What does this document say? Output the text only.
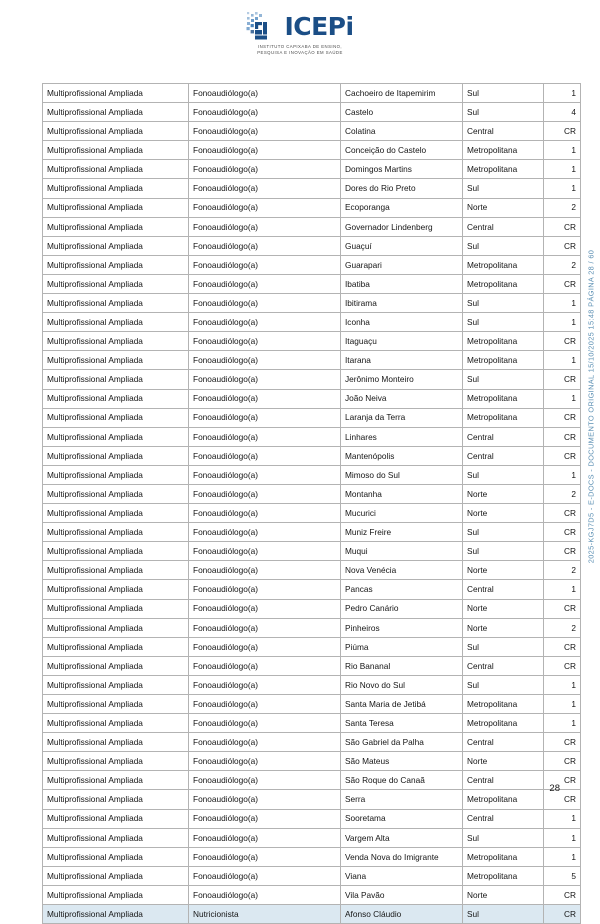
ICEPi
INSTITUTO CAPIXABA DE ENSINO,
PESQUISA E INOVAÇÃO EM SAÚDE
Multiprofissional Ampliada	Fonoaudiólogo(a)	Cachoeiro de Itapemirim	Sul	1
Multiprofissional Ampliada	Fonoaudiólogo(a)	Castelo	Sul	4
Multiprofissional Ampliada	Fonoaudiólogo(a)	Colatina	Central	CR
Multiprofissional Ampliada	Fonoaudiólogo(a)	Conceição do Castelo	Metropolitana	1
Multiprofissional Ampliada	Fonoaudiólogo(a)	Domingos Martins	Metropolitana	1
Multiprofissional Ampliada	Fonoaudiólogo(a)	Dores do Rio Preto	Sul	1
Multiprofissional Ampliada	Fonoaudiólogo(a)	Ecoporanga	Norte	2
Multiprofissional Ampliada	Fonoaudiólogo(a)	Governador Lindenberg	Central	CR
Multiprofissional Ampliada	Fonoaudiólogo(a)	Guaçuí	Sul	CR
Multiprofissional Ampliada	Fonoaudiólogo(a)	Guarapari	Metropolitana	2
Multiprofissional Ampliada	Fonoaudiólogo(a)	Ibatiba	Metropolitana	CR
Multiprofissional Ampliada	Fonoaudiólogo(a)	Ibitirama	Sul	1
Multiprofissional Ampliada	Fonoaudiólogo(a)	Iconha	Sul	1
Multiprofissional Ampliada	Fonoaudiólogo(a)	Itaguaçu	Metropolitana	CR
Multiprofissional Ampliada	Fonoaudiólogo(a)	Itarana	Metropolitana	1
Multiprofissional Ampliada	Fonoaudiólogo(a)	Jerônimo Monteiro	Sul	CR
Multiprofissional Ampliada	Fonoaudiólogo(a)	João Neiva	Metropolitana	1
Multiprofissional Ampliada	Fonoaudiólogo(a)	Laranja da Terra	Metropolitana	CR
Multiprofissional Ampliada	Fonoaudiólogo(a)	Linhares	Central	CR
Multiprofissional Ampliada	Fonoaudiólogo(a)	Mantenópolis	Central	CR
Multiprofissional Ampliada	Fonoaudiólogo(a)	Mimoso do Sul	Sul	1
Multiprofissional Ampliada	Fonoaudiólogo(a)	Montanha	Norte	2
Multiprofissional Ampliada	Fonoaudiólogo(a)	Mucurici	Norte	CR
Multiprofissional Ampliada	Fonoaudiólogo(a)	Muniz Freire	Sul	CR
Multiprofissional Ampliada	Fonoaudiólogo(a)	Muqui	Sul	CR
Multiprofissional Ampliada	Fonoaudiólogo(a)	Nova Venécia	Norte	2
Multiprofissional Ampliada	Fonoaudiólogo(a)	Pancas	Central	1
Multiprofissional Ampliada	Fonoaudiólogo(a)	Pedro Canário	Norte	CR
Multiprofissional Ampliada	Fonoaudiólogo(a)	Pinheiros	Norte	2
Multiprofissional Ampliada	Fonoaudiólogo(a)	Piúma	Sul	CR
Multiprofissional Ampliada	Fonoaudiólogo(a)	Rio Bananal	Central	CR
Multiprofissional Ampliada	Fonoaudiólogo(a)	Rio Novo do Sul	Sul	1
Multiprofissional Ampliada	Fonoaudiólogo(a)	Santa Maria de Jetibá	Metropolitana	1
Multiprofissional Ampliada	Fonoaudiólogo(a)	Santa Teresa	Metropolitana	1
Multiprofissional Ampliada	Fonoaudiólogo(a)	São Gabriel da Palha	Central	CR
Multiprofissional Ampliada	Fonoaudiólogo(a)	São Mateus	Norte	CR
Multiprofissional Ampliada	Fonoaudiólogo(a)	São Roque do Canaã	Central	CR
Multiprofissional Ampliada	Fonoaudiólogo(a)	Serra	Metropolitana	CR
Multiprofissional Ampliada	Fonoaudiólogo(a)	Sooretama	Central	1
Multiprofissional Ampliada	Fonoaudiólogo(a)	Vargem Alta	Sul	1
Multiprofissional Ampliada	Fonoaudiólogo(a)	Venda Nova do Imigrante	Metropolitana	1
Multiprofissional Ampliada	Fonoaudiólogo(a)	Viana	Metropolitana	5
Multiprofissional Ampliada	Fonoaudiólogo(a)	Vila Pavão	Norte	CR
Multiprofissional Ampliada	Nutricionista	Afonso Cláudio	Sul	CR
2025-KGJ7D5 - E-DOCS - DOCUMENTO ORIGINAL 15/10/2025 15:48 PÁGINA 28 / 60
28
